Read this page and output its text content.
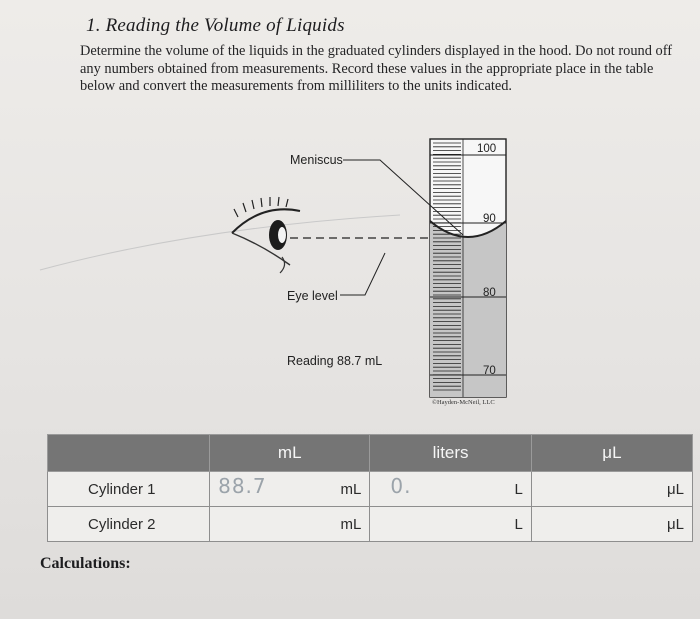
1. Reading the Volume of Liquids
Determine the volume of the liquids in the graduated cylinders displayed in the hood. Do not round off any numbers obtained from measurements. Record these values in the appropriate place in the table below and convert the measurements from milliliters to the units indicated.
Meniscus
Eye level
Reading 88.7 mL
100
90
80
70
©Hayden-McNeil, LLC
	mL	liters	μL
Cylinder 1	88.7 mL	0. L	μL
Cylinder 2	mL	L	μL
Calculations:
